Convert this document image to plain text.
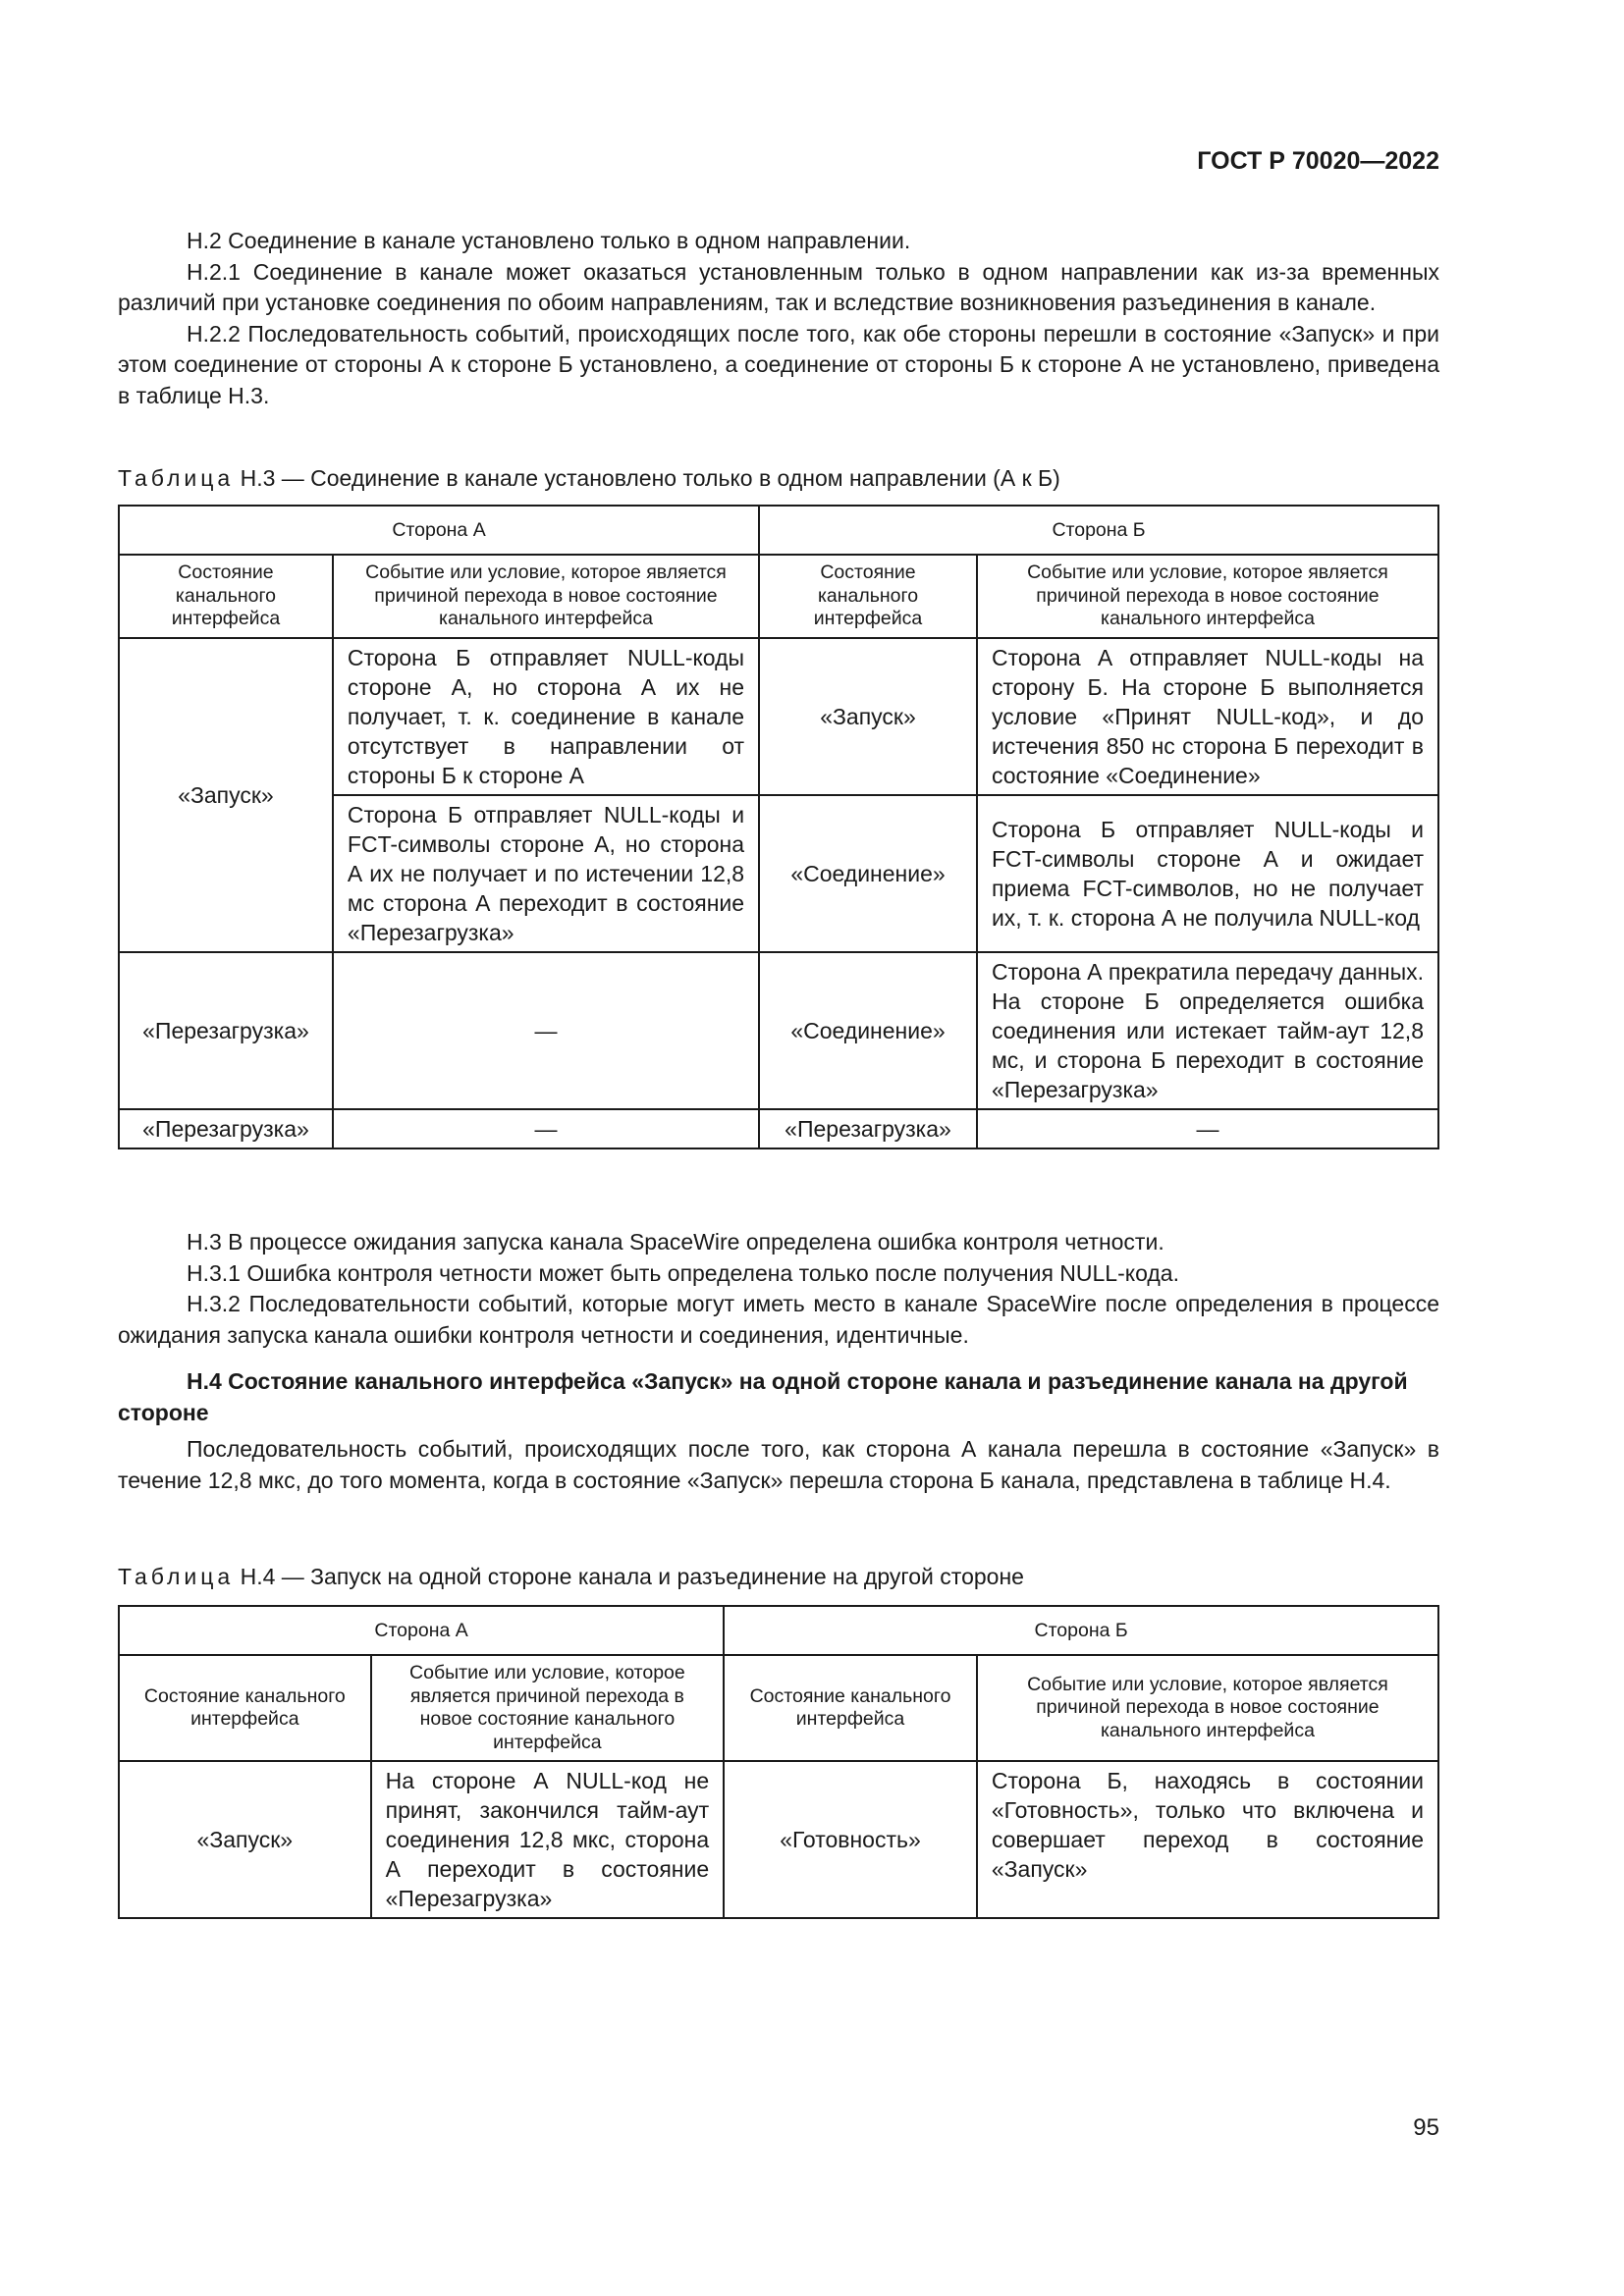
ГОСТ Р 70020—2022

Н.2 Соединение в канале установлено только в одном направлении.

Н.2.1 Соединение в канале может оказаться установленным только в одном направлении как из-за временных различий при установке соединения по обоим направлениям, так и вследствие возникновения разъединения в канале.

Н.2.2 Последовательность событий, происходящих после того, как обе стороны перешли в состояние «Запуск» и при этом соединение от стороны А к стороне Б установлено, а соединение от стороны Б к стороне А не установлено, приведена в таблице Н.3.

Таблица Н.3 — Соединение в канале установлено только в одном направлении (А к Б)

Сторона А		Сторона Б	
Состояние канального интерфейса	Событие или условие, которое является причиной перехода в новое состояние канального интерфейса	Состояние канального интерфейса	Событие или условие, которое является причиной перехода в новое состояние канального интерфейса
«Запуск»	Сторона Б отправляет NULL-коды стороне А, но сторона А их не получает, т. к. соединение в канале отсутствует в направлении от стороны Б к стороне А	«Запуск»	Сторона А отправляет NULL-коды на сторону Б. На стороне Б выполняется условие «Принят NULL-код», и до истечения 850 нс сторона Б переходит в состояние «Соединение»
	Сторона Б отправляет NULL-коды и FCT-символы стороне А, но сторона А их не получает и по истечении 12,8 мс сторона А переходит в состояние «Перезагрузка»	«Соединение»	Сторона Б отправляет NULL-коды и FCT-символы стороне А и ожидает приема FCT-символов, но не получает их, т. к. сторона А не получила NULL-код
«Перезагрузка»	—	«Соединение»	Сторона А прекратила передачу данных. На стороне Б определяется ошибка соединения или истекает тайм-аут 12,8 мс, и сторона Б переходит в состояние «Перезагрузка»
«Перезагрузка»	—	«Перезагрузка»	—

Н.3 В процессе ожидания запуска канала SpaceWire определена ошибка контроля четности.

Н.3.1 Ошибка контроля четности может быть определена только после получения NULL-кода.

Н.3.2 Последовательности событий, которые могут иметь место в канале SpaceWire после определения в процессе ожидания запуска канала ошибки контроля четности и соединения, идентичные.

Н.4 Состояние канального интерфейса «Запуск» на одной стороне канала и разъединение канала на другой стороне

Последовательность событий, происходящих после того, как сторона А канала перешла в состояние «Запуск» в течение 12,8 мкс, до того момента, когда в состояние «Запуск» перешла сторона Б канала, представлена в таблице Н.4.

Таблица Н.4 — Запуск на одной стороне канала и разъединение на другой стороне

Сторона А		Сторона Б	
Состояние канального интерфейса	Событие или условие, которое является причиной перехода в новое состояние канального интерфейса	Состояние канального интерфейса	Событие или условие, которое является причиной перехода в новое состояние канального интерфейса
«Запуск»	На стороне А NULL-код не принят, закончился тайм-аут соединения 12,8 мкс, сторона А переходит в состояние «Перезагрузка»	«Готовность»	Сторона Б, находясь в состоянии «Готовность», только что включена и совершает переход в состояние «Запуск»
95
